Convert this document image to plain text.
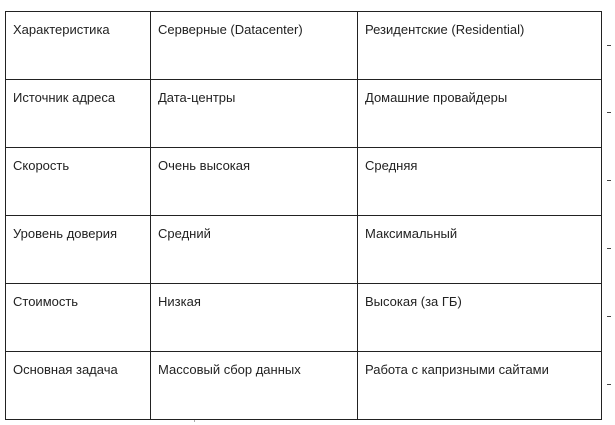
Характеристика	Серверные (Datacenter)	Резидентские (Residential)
Источник адреса	Дата-центры	Домашние провайдеры
Скорость	Очень высокая	Средняя
Уровень доверия	Средний	Максимальный
Стоимость	Низкая	Высокая (за ГБ)
Основная задача	Массовый сбор данных	Работа с капризными сайтами
